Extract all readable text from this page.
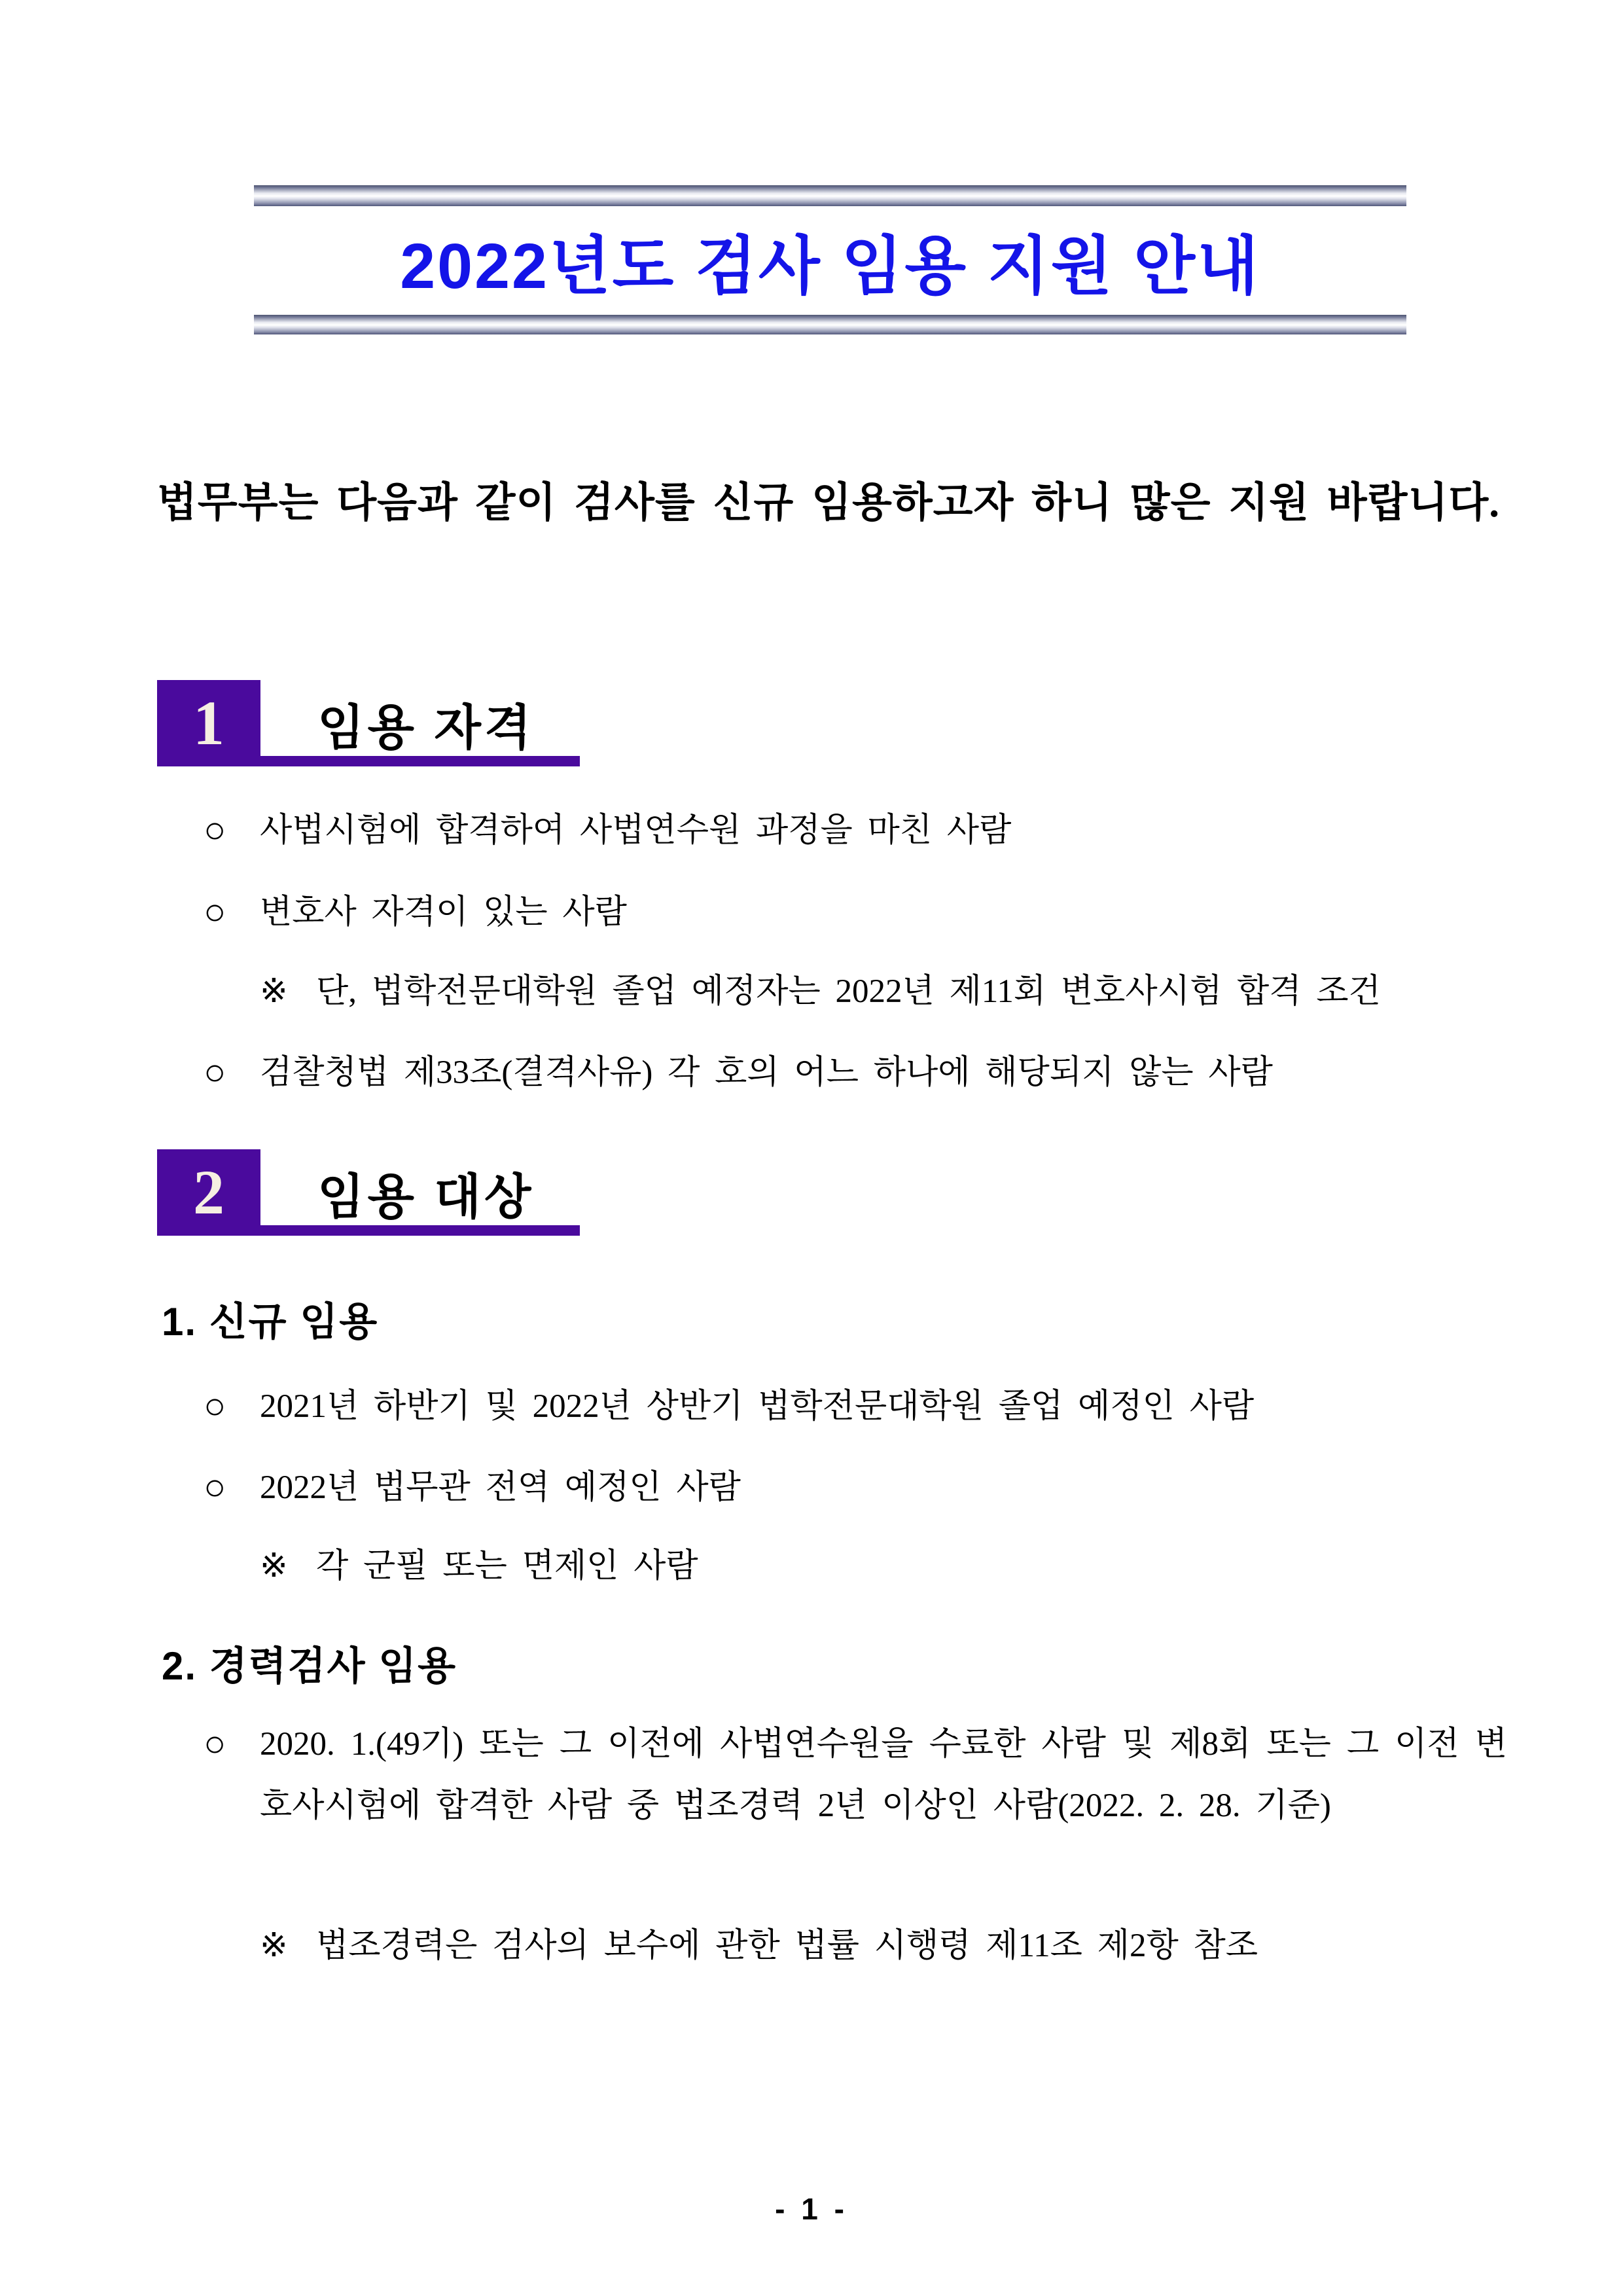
2022년도 검사 임용 지원 안내
법무부는 다음과 같이 검사를 신규 임용하고자 하니 많은 지원 바랍니다.
1 임용 자격
○ 사법시험에 합격하여 사법연수원 과정을 마친 사람
○ 변호사 자격이 있는 사람
※ 단, 법학전문대학원 졸업 예정자는 2022년 제11회 변호사시험 합격 조건
○ 검찰청법 제33조(결격사유) 각 호의 어느 하나에 해당되지 않는 사람
2 임용 대상
1. 신규 임용
○ 2021년 하반기 및 2022년 상반기 법학전문대학원 졸업 예정인 사람
○ 2022년 법무관 전역 예정인 사람
※ 각 군필 또는 면제인 사람
2. 경력검사 임용
○ 2020. 1.(49기) 또는 그 이전에 사법연수원을 수료한 사람 및 제8회 또는 그 이전 변호사시험에 합격한 사람 중 법조경력 2년 이상인 사람(2022. 2. 28. 기준)
※ 법조경력은 검사의 보수에 관한 법률 시행령 제11조 제2항 참조
- 1 -
